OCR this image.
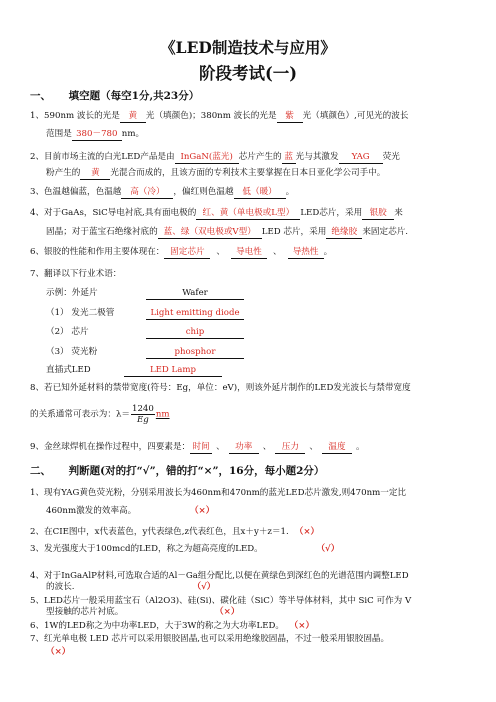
《LED制造技术与应用》
阶段考试(一)
一、 填空题（每空1分,共23分）
1、590nm 波长的光是 黄 光（填颜色)；380nm 波长的光是 紫 光（填颜色）,可见光的波长
范围是 380－780 nm。
2、目前市场主流的白光LED产品是由 InGaN(蓝光) 芯片产生的 蓝 光与其激发 YAG 荧光
粉产生的 黄 光混合而成的，且该方面的专利技术主要掌握在日本日亚化学公司手中。
3、色温越偏蓝，色温越 高（冷） ，偏红则色温越 低（暖） 。
4、对于GaAs，SiC导电衬底,具有面电极的 红、黄（单电极或L型） LED芯片，采用 银胶 来
固晶；对于蓝宝石绝缘衬底的 蓝、绿（双电极或V型） LED 芯片，采用 绝缘胶 来固定芯片.
6、银胶的性能和作用主要体现在： 固定芯片 、 导电性 、 导热性 。
7、翻译以下行业术语：
示例：外延片	Wafer
（1） 发光二极管	Light emitting diode
（2） 芯片	chip
（3） 荧光粉	phosphor
直插式LED	LED Lamp
8、若已知外延材料的禁带宽度(符号：Eg，单位：eV)，则该外延片制作的LED发光波长与禁带宽度
的关系通常可表示为：$\lambda= \frac{1240}{Eg}$ nm
9、金丝球焊机在操作过程中，四要素是： 时间 、 功率 、 压力 、 温度 。
二、 判断题(对的打“√”，错的打“×”，16分，每小题2分）
1、现有YAG黄色荧光粉，分别采用波长为460nm和470nm的蓝光LED芯片激发,则470nm一定比
460nm激发的效率高。	（×）
2、在CIE图中，x代表蓝色，y代表绿色,z代表红色，且x＋y＋z＝1. （×）
3、发光强度大于100mcd的LED，称之为超高亮度的LED。	（√）
4、对于InGaAlP材料,可选取合适的Al－Ga组分配比,以便在黄绿色到深红色的光谱范围内调整LED
的波长.	（√）
5、LED芯片一般采用蓝宝石（Al2O3)、硅(Si)、碳化硅（SiC）等半导体材料，其中 SiC 可作为 V
型接触的芯片衬底。	（×）
6、1W的LED称之为中功率LED，大于3W的称之为大功率LED。 （×）
7、红光单电极 LED 芯片可以采用银胶固晶,也可以采用绝缘胶固晶，不过一般采用银胶固晶。
（×）
